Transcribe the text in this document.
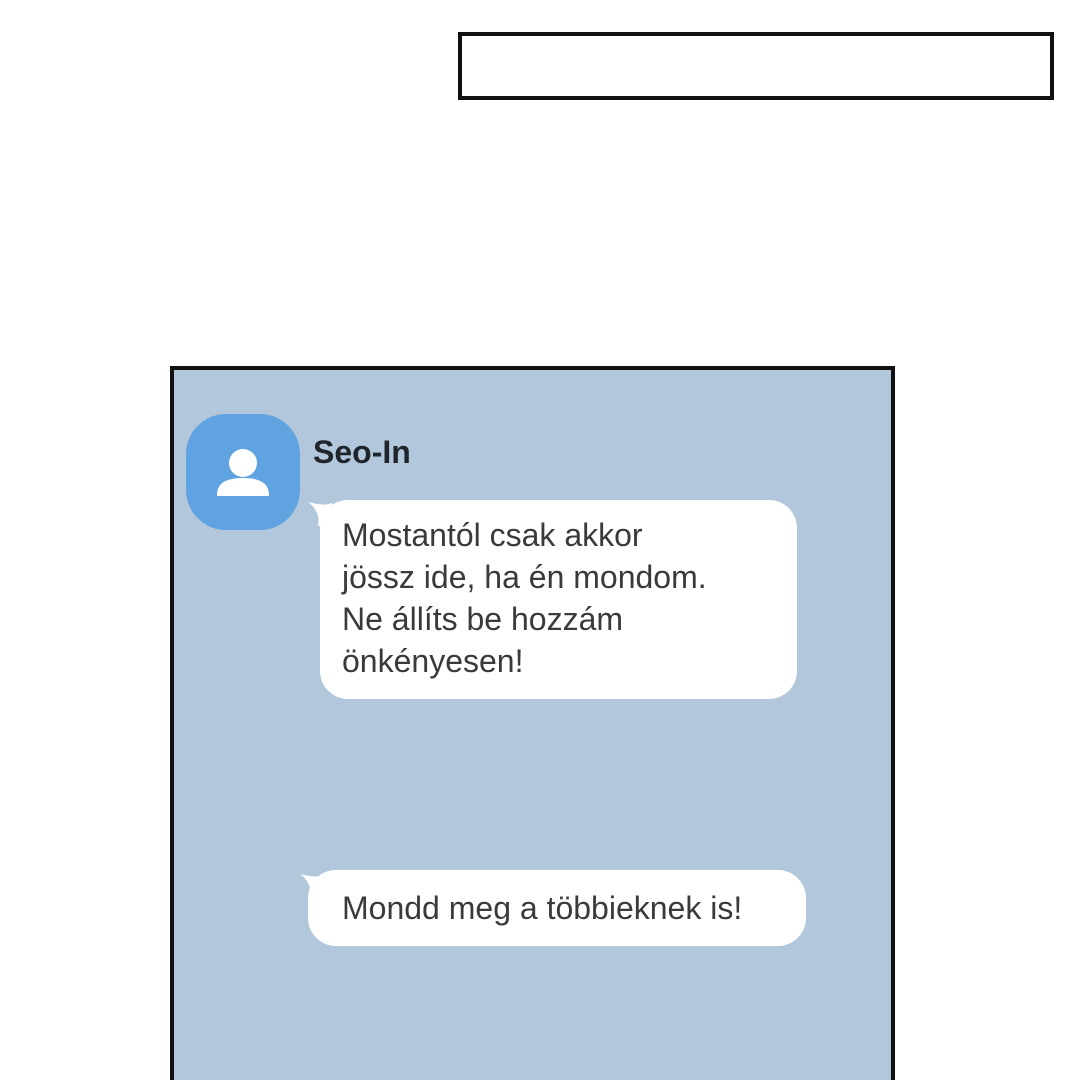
Seo-In
Mostantól csak akkor
jössz ide, ha én mondom.
Ne állíts be hozzám
önkényesen!
Mondd meg a többieknek is!
